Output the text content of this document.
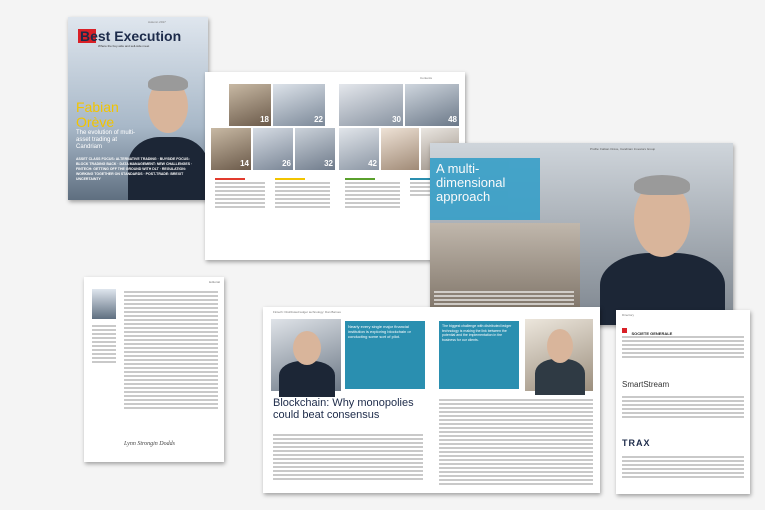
Best Execution
Where the buy-side and sell-side meet
Autumn 2017
Fabian
Orève
The evolution of multi-asset trading at Candriam
ASSET CLASS FOCUS: ALTERNATIVE TRADING · BUYSIDE FOCUS: BLOCK TRADING BACK · DATA MANAGEMENT: NEW CHALLENGES · FINTECH: GETTING OFF THE GROUND WITH DLT · REGULATION: WORKING TOGETHER ON STANDARDS · POST-TRADE: BREXIT UNCERTAINTY
Contents
18	22	30	48
14	26	32	42
Profile: Fabian Orève, Candriam Investors Group
A multi-dimensional approach
Editorial
Lynn Strongin Dodds
Fintech: Distributed ledger technology: Dan Barnes
Nearly every single major financial institution is exploring blockchain or conducting some sort of pilot.
Blockchain: Why monopolies could beat consensus
The biggest challenge with distributed ledger technology is making the link between the potential and the implementation in the business for our clients.
Directory
SOCIETE GENERALE
SmartStream
TRAX
